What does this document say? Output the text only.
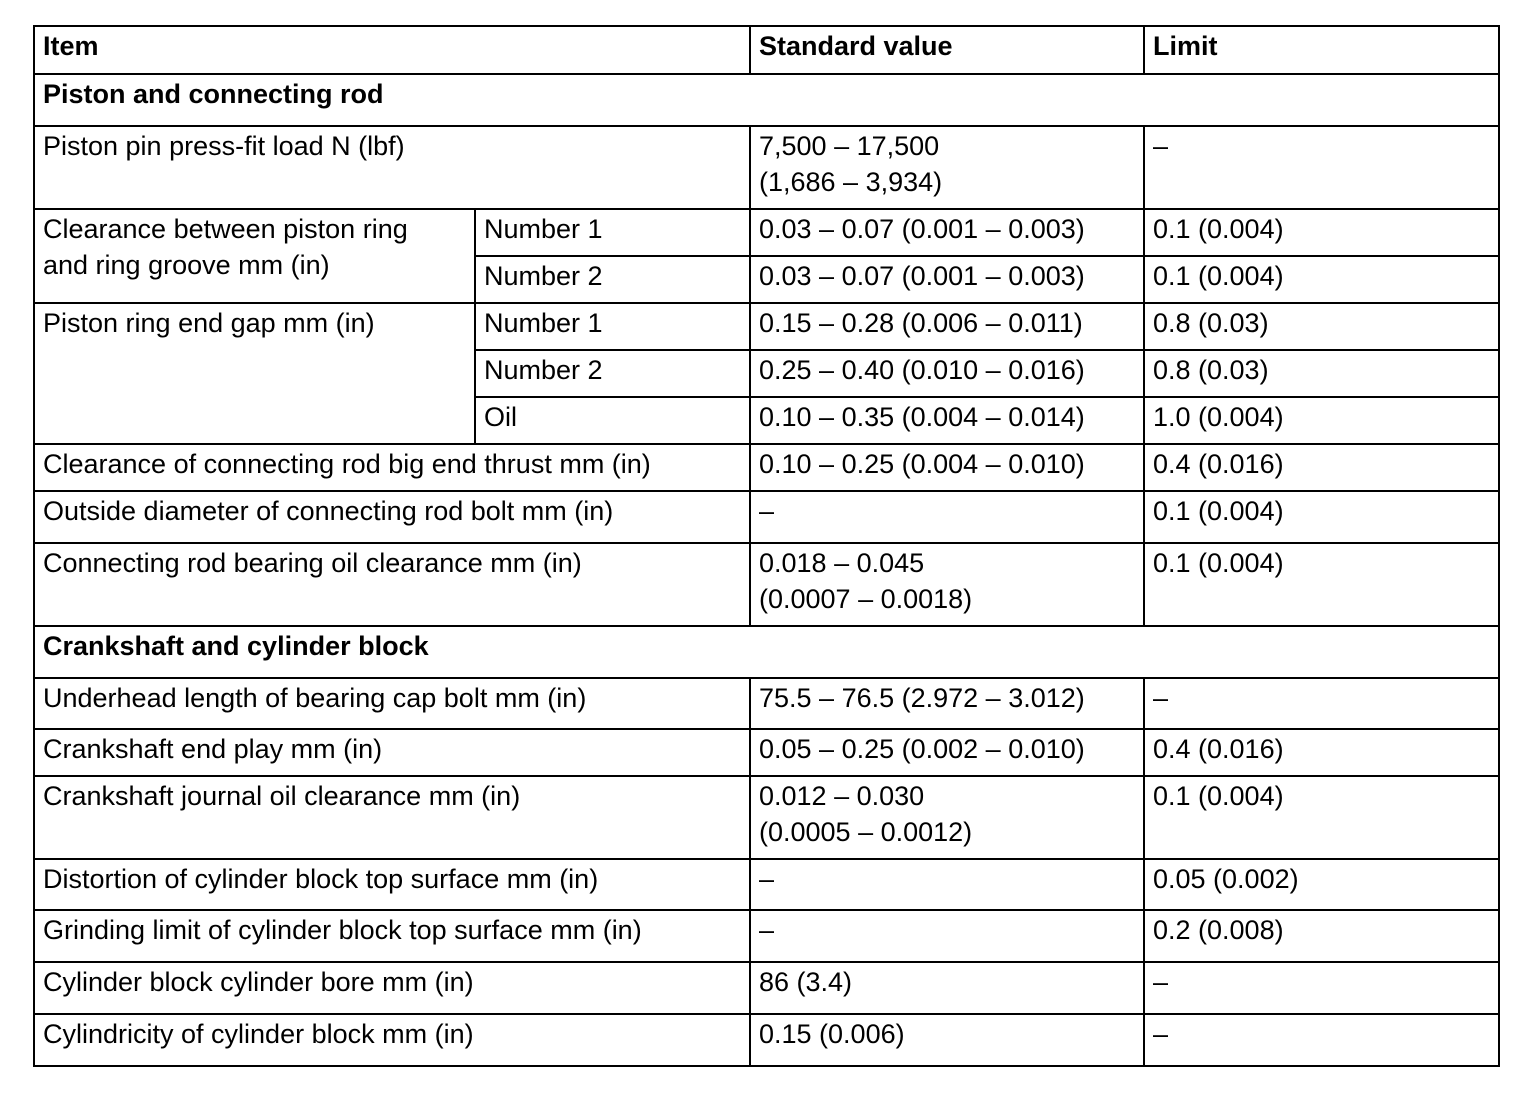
Item		Standard value	Limit
Piston and connecting rod			
Piston pin press-fit load N (lbf)		7,500 – 17,500
(1,686 – 3,934)	–

Clearance between piston ring
and ring groove mm (in)	Number 1	0.03 – 0.07 (0.001 – 0.003)	0.1 (0.004)
	Number 2	0.03 – 0.07 (0.001 – 0.003)	0.1 (0.004)
Piston ring end gap mm (in)	Number 1	0.15 – 0.28 (0.006 – 0.011)	0.8 (0.03)
	Number 2	0.25 – 0.40 (0.010 – 0.016)	0.8 (0.03)
	Oil	0.10 – 0.35 (0.004 – 0.014)	1.0 (0.004)
Clearance of connecting rod big end thrust mm (in)		0.10 – 0.25 (0.004 – 0.010)	0.4 (0.016)
Outside diameter of connecting rod bolt mm (in)		–	0.1 (0.004)
Connecting rod bearing oil clearance mm (in)		0.018 – 0.045
(0.0007 – 0.0018)	0.1 (0.004)
Crankshaft and cylinder block			
Underhead length of bearing cap bolt mm (in)		75.5 – 76.5 (2.972 – 3.012)	–
Crankshaft end play mm (in)		0.05 – 0.25 (0.002 – 0.010)	0.4 (0.016)
Crankshaft journal oil clearance mm (in)		0.012 – 0.030
(0.0005 – 0.0012)	0.1 (0.004)
Distortion of cylinder block top surface mm (in)		–	0.05 (0.002)
Grinding limit of cylinder block top surface mm (in)		–	0.2 (0.008)
Cylinder block cylinder bore mm (in)		86 (3.4)	–
Cylindricity of cylinder block mm (in)		0.15 (0.006)	–
